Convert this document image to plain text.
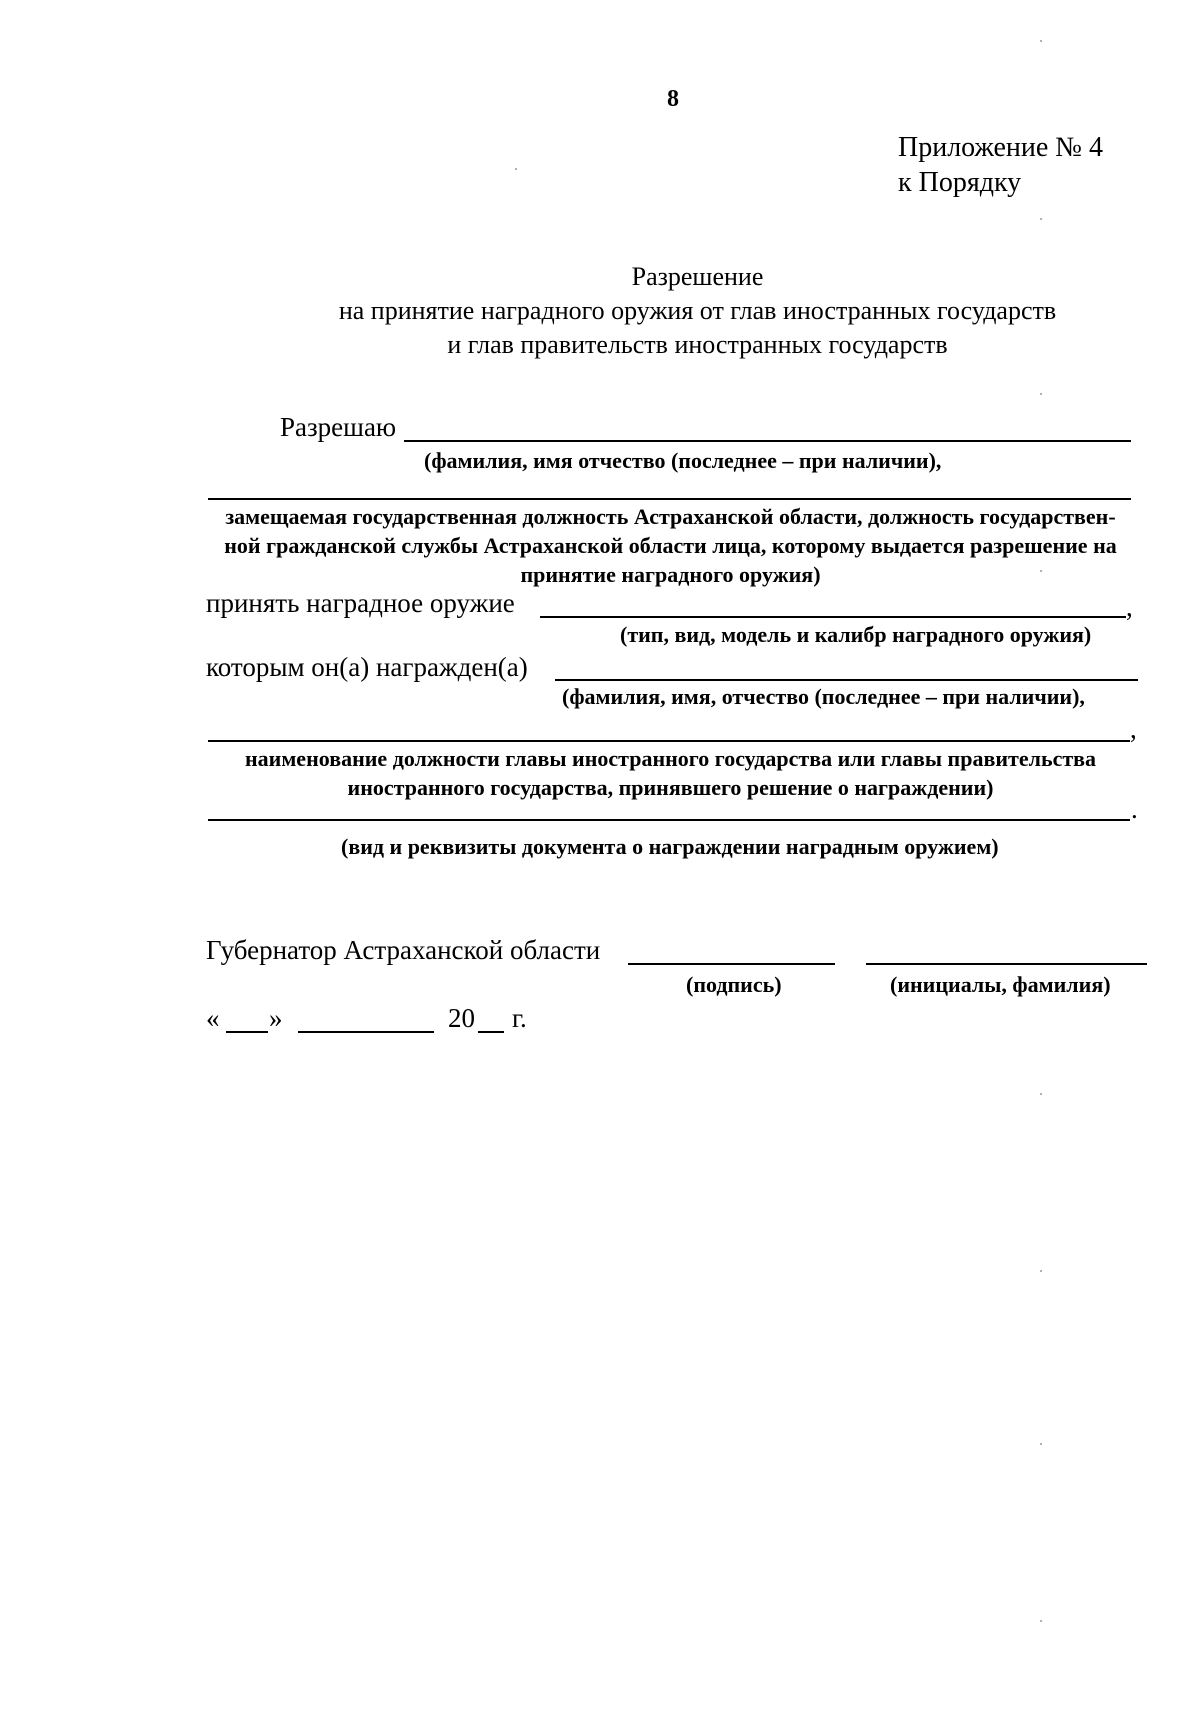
8
Приложение № 4
к Порядку
Разрешение
на принятие наградного оружия от глав иностранных государств
и глав правительств иностранных государств
Разрешаю
(фамилия, имя отчество (последнее – при наличии),
замещаемая государственная должность Астраханской области, должность государствен-ной гражданской службы Астраханской области лица, которому выдается разрешение на принятие наградного оружия)
принять наградное оружие	,
(тип, вид, модель и калибр наградного оружия)
которым он(а) награжден(а)
(фамилия, имя, отчество (последнее – при наличии),
,
наименование должности главы иностранного государства или главы правительства иностранного государства, принявшего решение о награждении)
.
(вид и реквизиты документа о награждении наградным оружием)
Губернатор Астраханской области
(подпись)	(инициалы, фамилия)
« »	20 г.
